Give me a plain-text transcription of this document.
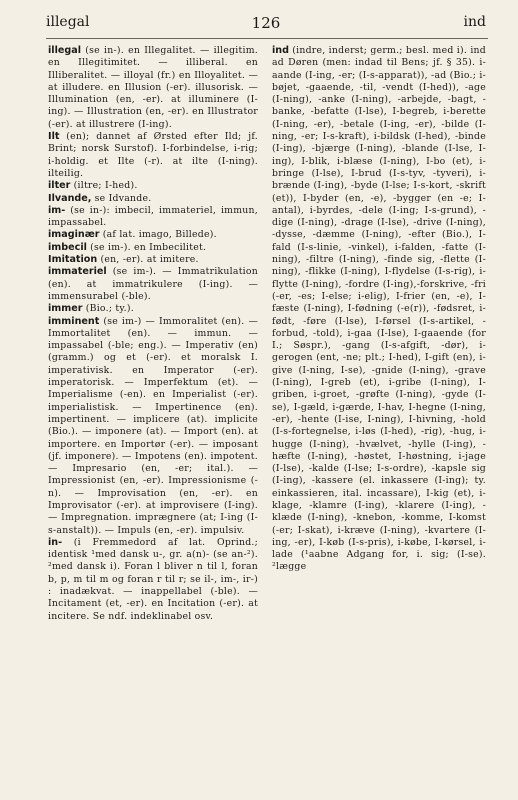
illegal	126	ind

illegal (se in-). en Illegalitet. — illegitim. en Illegitimitet. — illiberal. en Illiberalitet. — illoyal (fr.) en Illoyalitet. — at illudere. en Illusion (-er). illusorisk. — Illumination (en, -er). at illuminere (I-ing). — Illustration (en, -er). en Illustrator (-er). at illustrere (I-ing).

Ilt (en); dannet af Ørsted efter Ild; jf. Brint; norsk Surstof). I-forbindelse, i-rig; i-holdig. et Ilte (-r). at ilte (I-ning). ilteilig.

ilter (iltre; I-hed).

Ilvande, se Idvande.

im- (se in-): imbecil, immateriel, immun, impassabel.

imaginær (af lat. imago, Billede).

imbecil (se im-). en Imbecilitet.

Imitation (en, -er). at imitere.

immateriel (se im-). — Immatrikulation (en). at immatrikulere (I-ing). — immensurabel (-ble).

immer (Bio.; ty.).

imminent (se im-) — Immoralitet (en). — Immortalitet (en). — immun. — impassabel (-ble; eng.). — Imperativ (en) (gramm.) og et (-er). et moralsk I. imperativisk. en Imperator (-er). imperatorisk. — Imperfektum (et). — Imperialisme (-en). en Imperialist (-er). imperialistisk. — Impertinence (en). impertinent. — implicere (at). implicite (Bio.). — imponere (at). — Import (en). at importere. en Importør (-er). — imposant (jf. imponere). — Impotens (en). impotent. — Impresario (en, -er; ital.). — Impressionist (en, -er). Impressionisme (-n). — Improvisation (en, -er). en Improvisator (-er). at improvisere (I-ing). — Impregnation. imprægnere (at; I-ing (I-s-anstalt)). — Impuls (en, -er). impulsiv.

in- (i Fremmedord af lat. Oprind.; identisk ¹med dansk u-, gr. a(n)- (se an-²). ²med dansk i). Foran l bliver n til l, foran b, p, m til m og foran r til r; se il-, im-, ir-) : inadækvat. — inappellabel (-ble). — Incitament (et, -er). en Incitation (-er). at incitere. Se ndf. indeklinabel osv.

ind (indre, inderst; germ.; besl. med i). ind ad Døren (men: indad til Bens; jf. § 35). i-aande (I-ing, -er; (I-s-apparat)), -ad (Bio.; i-bøjet, -gaaende, -til, -vendt (I-hed)), -age (I-ning), -anke (I-ning), -arbejde, -bagt, -banke, -befatte (I-lse), I-begreb, i-berette (I-ning, -er), -betale (I-ing, -er), -bilde (I-ning, -er; I-s-kraft), i-bildsk (I-hed), -binde (I-ing), -bjærge (I-ning), -blande (I-lse, I-ing), I-blik, i-blæse (I-ning), I-bo (et), i-bringe (I-lse), I-brud (I-s-tyv, -tyveri), i-brænde (I-ing), -byde (I-lse; I-s-kort, -skrift (et)), I-byder (en, -e), -bygger (en -e; I-antal), i-byrdes, -dele (I-ing; I-s-grund), -dige (I-ning), -drage (I-lse), -drive (I-ning), -dysse, -dæmme (I-ning), -efter (Bio.), I-fald (I-s-linie, -vinkel), i-falden, -fatte (I-ning), -filtre (I-ning), -finde sig, -flette (I-ning), -flikke (I-ning), I-flydelse (I-s-rig), i-flytte (I-ning), -fordre (I-ing),-forskrive, -fri (-er, -es; I-else; i-elig), I-frier (en, -e), I-fæste (I-ning), I-fødning (-e(r)), -fødsret, i-født, -føre (I-lse), I-førsel (I-s-artikel, -forbud, -told), i-gaa (I-lse), I-gaaende (for I.; Søspr.), -gang (I-s-afgift, -dør), i-gerogen (ent, -ne; plt.; I-hed), I-gift (en), i-give (I-ning, I-se), -gnide (I-ning), -grave (I-ning), I-greb (et), i-gribe (I-ning), I-griben, i-groet, -grøfte (I-ning), -gyde (I-se), I-gæld, i-gærde, I-hav, I-hegne (I-ning, -er), -hente (I-ise, I-ning), I-hivning, -hold (I-s-fortegnelse, i-løs (I-hed), -rig), -hug, i-hugge (I-ning), -hvælvet, -hylle (I-ing), -hæfte (I-ning), -høstet, I-høstning, i-jage (I-lse), -kalde (I-lse; I-s-ordre), -kapsle sig (I-ing), -kassere (el. inkassere (I-ing); ty. einkassieren, ital. incassare), I-kig (et), i-klage, -klamre (I-ing), -klarere (I-ing), -klæde (I-ning), -knebon, -komme, I-komst (-er; I-skat), i-kræve (I-ning), -kvartere (I-ing, -er), I-køb (I-s-pris), i-købe, I-kørsel, i-lade (¹aabne Adgang for, i. sig; (I-se). ²lægge
